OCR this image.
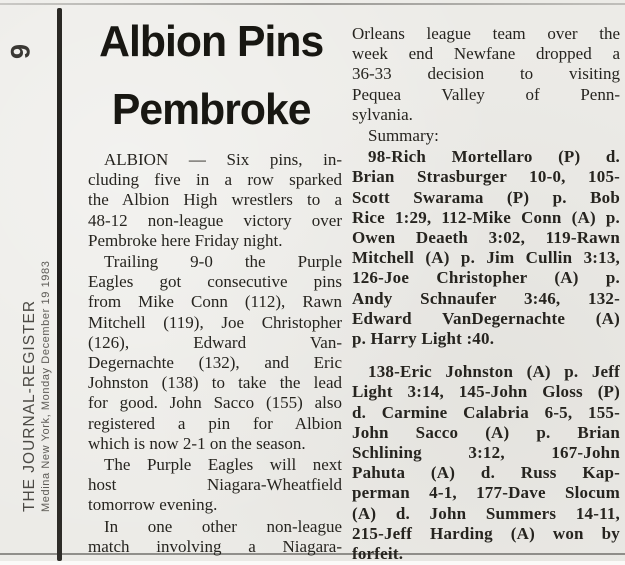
9
THE JOURNAL-REGISTER Medina New York, Monday December 19 1983
Albion Pins
Pembroke
ALBION — Six pins, in-
cluding five in a row sparked
the Albion High wrestlers to a
48-12 non-league victory over
Pembroke here Friday night.
Trailing 9-0 the Purple
Eagles got consecutive pins
from Mike Conn (112), Rawn
Mitchell (119), Joe Christopher
(126), Edward Van-
Degernachte (132), and Eric
Johnston (138) to take the lead
for good. John Sacco (155) also
registered a pin for Albion
which is now 2-1 on the season.
The Purple Eagles will next
host Niagara-Wheatfield
tomorrow evening.
In one other non-league
match involving a Niagara-
Orleans league team over the
week end Newfane dropped a
36-33 decision to visiting
Pequea Valley of Penn-
sylvania.
Summary:
98-Rich Mortellaro (P) d.
Brian Strasburger 10-0, 105-
Scott Swarama (P) p. Bob
Rice 1:29, 112-Mike Conn (A) p.
Owen Deaeth 3:02, 119-Rawn
Mitchell (A) p. Jim Cullin 3:13,
126-Joe Christopher (A) p.
Andy Schnaufer 3:46, 132-
Edward VanDegernachte (A)
p. Harry Light :40.
138-Eric Johnston (A) p. Jeff
Light 3:14, 145-John Gloss (P)
d. Carmine Calabria 6-5, 155-
John Sacco (A) p. Brian
Schlining 3:12, 167-John
Pahuta (A) d. Russ Kap-
perman 4-1, 177-Dave Slocum
(A) d. John Summers 14-11,
215-Jeff Harding (A) won by
forfeit.
